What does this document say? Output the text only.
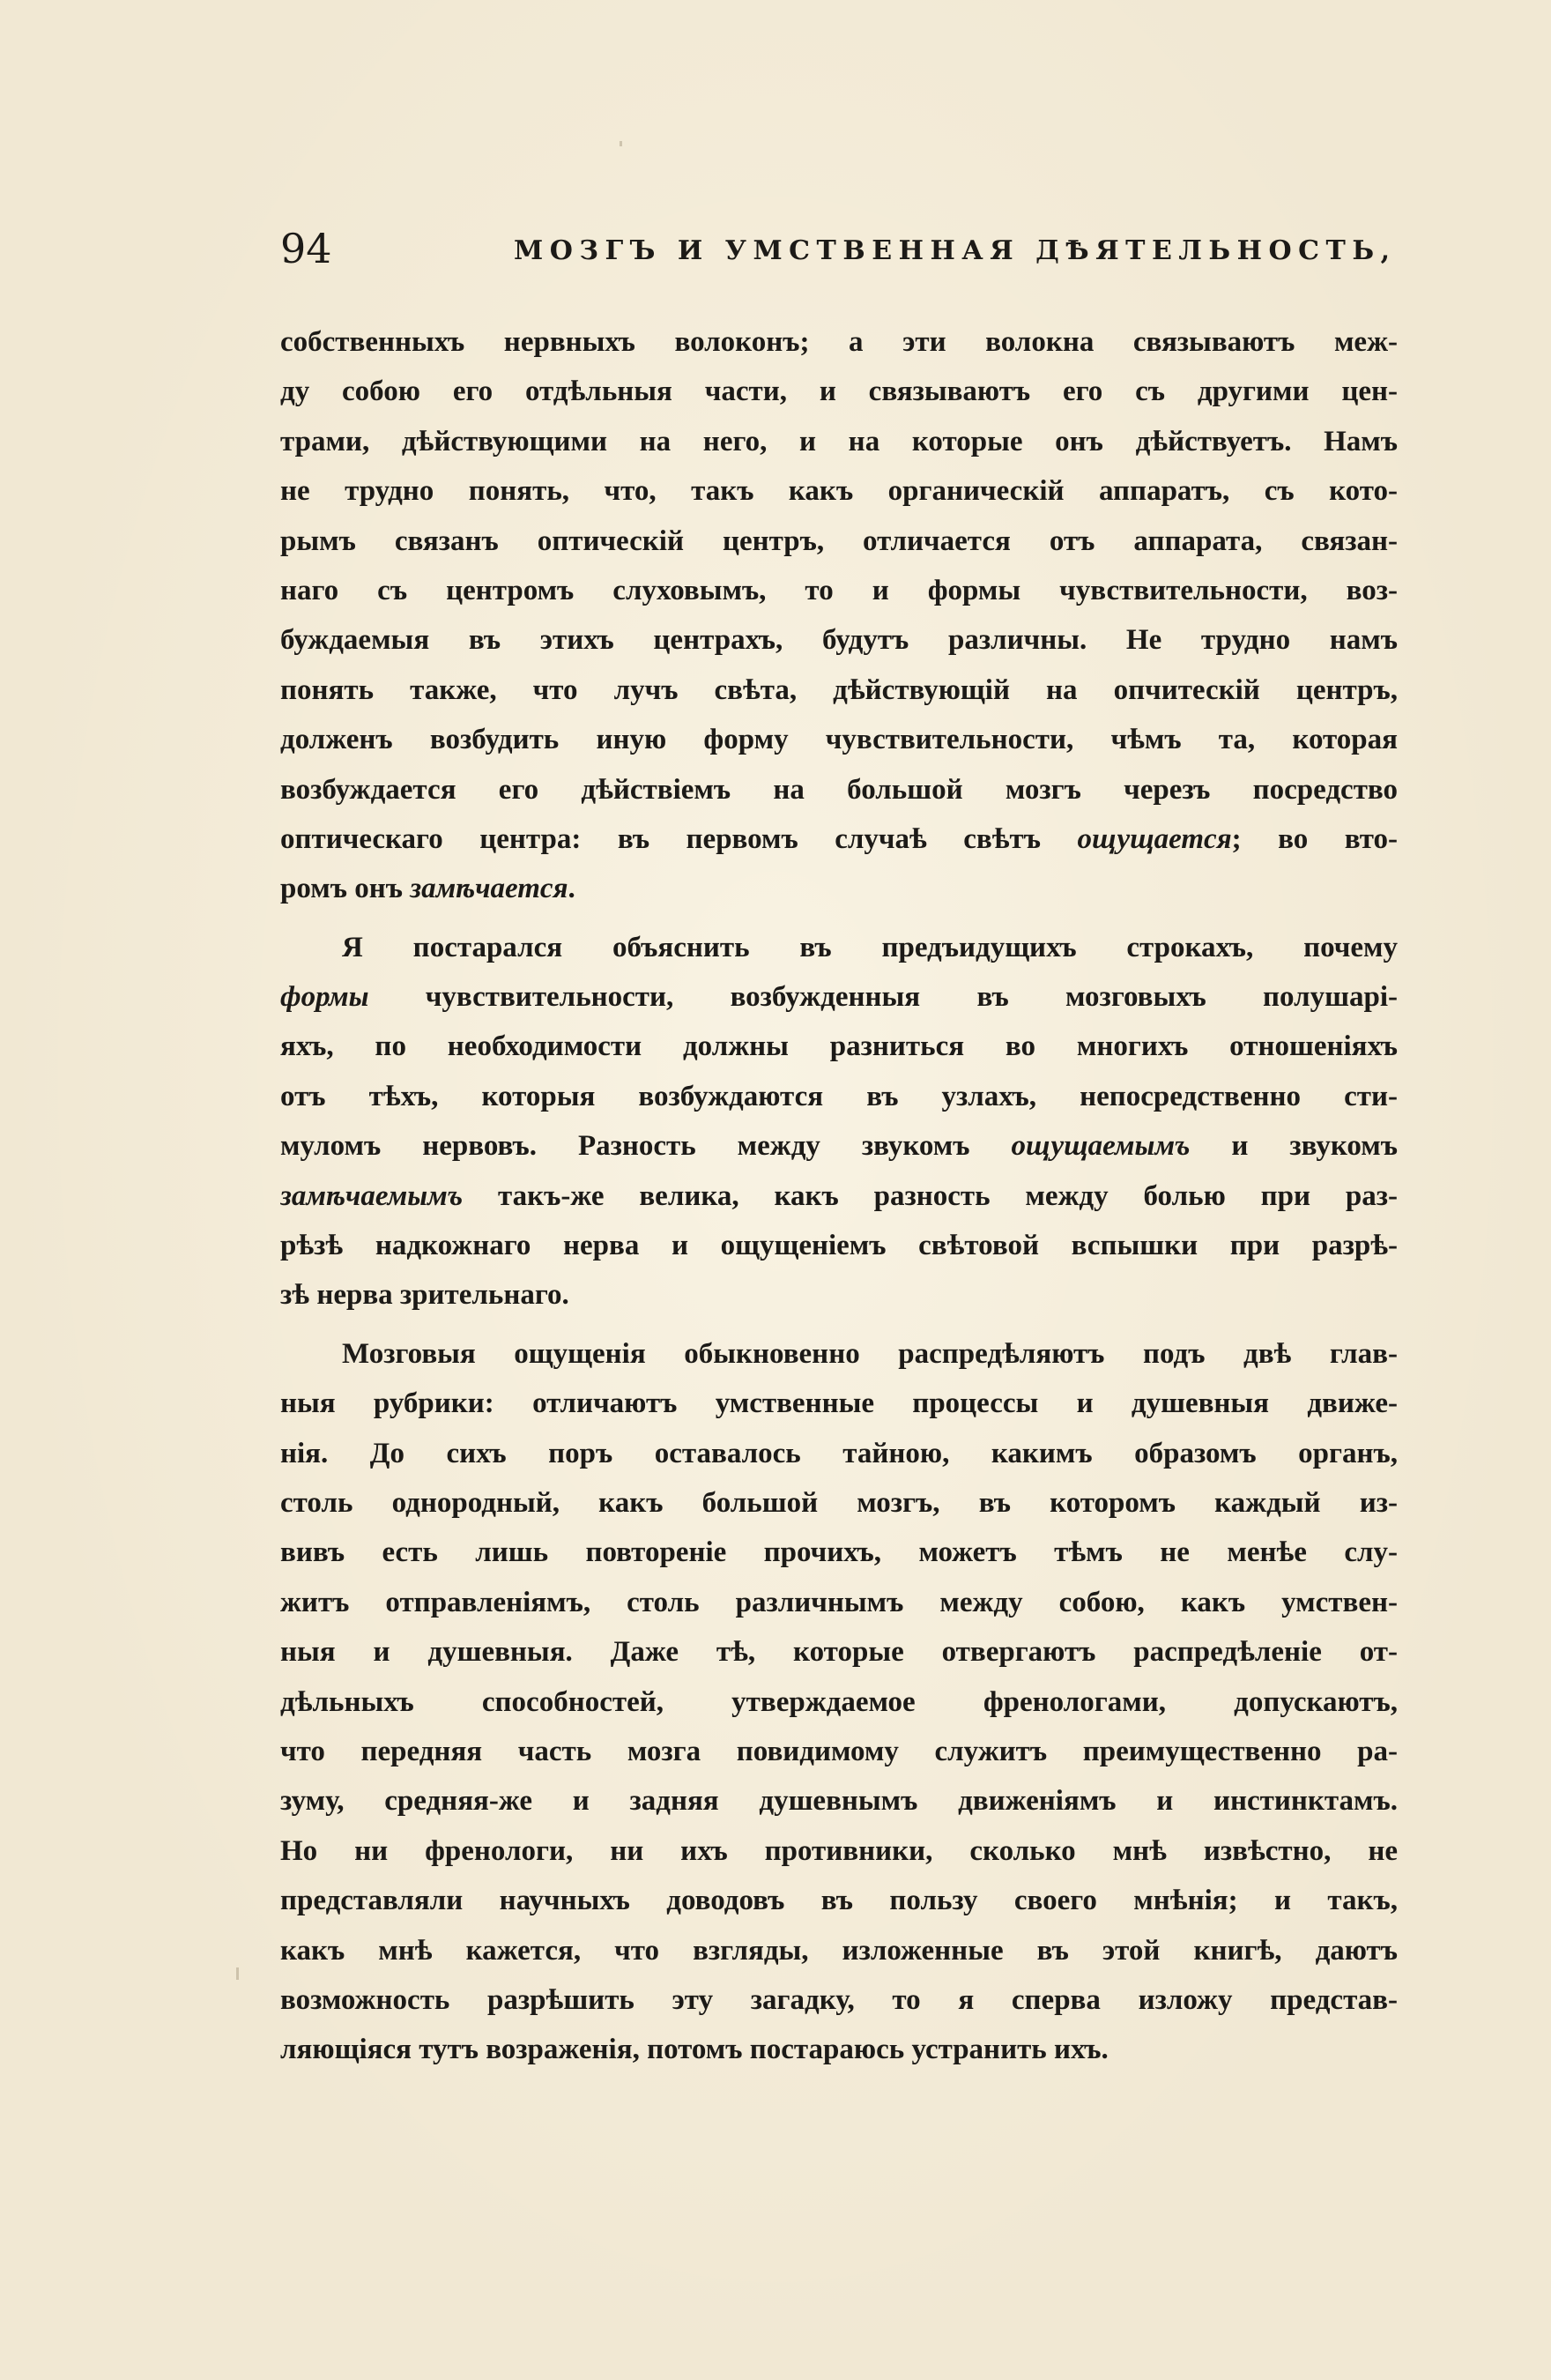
94	МОЗГЪ И УМСТВЕННАЯ ДѢЯТЕЛЬНОСТЬ,
собственныхъ нервныхъ волоконъ; а эти волокна связываютъ меж-
ду собою его отдѣльныя части, и связываютъ его съ другими цен-
трами, дѣйствующими на него, и на которые онъ дѣйствуетъ. Намъ
не трудно понять, что, такъ какъ органическій аппаратъ, съ кото-
рымъ связанъ оптическій центръ, отличается отъ аппарата, связан-
наго съ центромъ слуховымъ, то и формы чувствительности, воз-
буждаемыя въ этихъ центрахъ, будутъ различны. Не трудно намъ
понять также, что лучъ свѣта, дѣйствующій на опчитескій центръ,
долженъ возбудить иную форму чувствительности, чѣмъ та, которая
возбуждается его дѣйствіемъ на большой мозгъ черезъ посредство
оптическаго центра: въ первомъ случаѣ свѣтъ ощущается; во вто-
ромъ онъ замѣчается.
Я постарался объяснить въ предъидущихъ строкахъ, почему
формы чувствительности, возбужденныя въ мозговыхъ полушарі-
яхъ, по необходимости должны разниться во многихъ отношеніяхъ
отъ тѣхъ, которыя возбуждаются въ узлахъ, непосредственно сти-
муломъ нервовъ. Разность между звукомъ ощущаемымъ и звукомъ
замѣчаемымъ такъ-же велика, какъ разность между болью при раз-
рѣзѣ надкожнаго нерва и ощущеніемъ свѣтовой вспышки при разрѣ-
зѣ нерва зрительнаго.
Мозговыя ощущенія обыкновенно распредѣляютъ подъ двѣ глав-
ныя рубрики: отличаютъ умственные процессы и душевныя движе-
нія. До сихъ поръ оставалось тайною, какимъ образомъ органъ,
столь однородный, какъ большой мозгъ, въ которомъ каждый из-
вивъ есть лишь повтореніе прочихъ, можетъ тѣмъ не менѣе слу-
житъ отправленіямъ, столь различнымъ между собою, какъ умствен-
ныя и душевныя. Даже тѣ, которые отвергаютъ распредѣленіе от-
дѣльныхъ способностей, утверждаемое френологами, допускаютъ,
что передняя часть мозга повидимому служитъ преимущественно ра-
зуму, средняя-же и задняя душевнымъ движеніямъ и инстинктамъ.
Но ни френологи, ни ихъ противники, сколько мнѣ извѣстно, не
представляли научныхъ доводовъ въ пользу своего мнѣнія; и такъ,
какъ мнѣ кажется, что взгляды, изложенные въ этой книгѣ, даютъ
возможность разрѣшить эту загадку, то я сперва изложу представ-
ляющіяся тутъ возраженія, потомъ постараюсь устранить ихъ.
